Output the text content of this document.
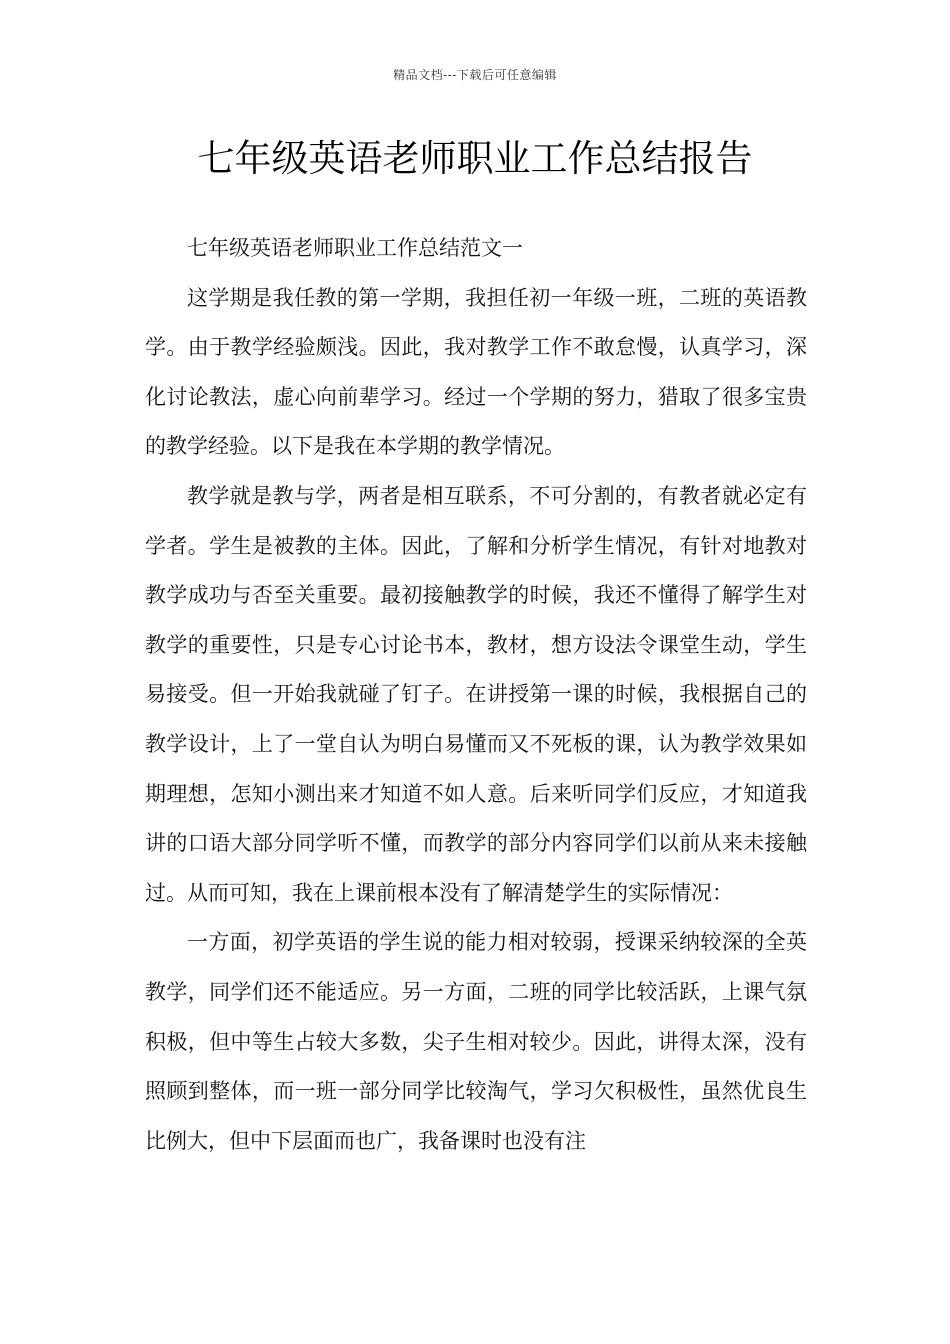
精品文档---下载后可任意编辑
七年级英语老师职业工作总结报告

七年级英语老师职业工作总结范文一

这学期是我任教的第一学期，我担任初一年级一班，二班的英语教学。由于教学经验颇浅。因此，我对教学工作不敢怠慢，认真学习，深化讨论教法，虚心向前辈学习。经过一个学期的努力，猎取了很多宝贵的教学经验。以下是我在本学期的教学情况。

教学就是教与学，两者是相互联系，不可分割的，有教者就必定有学者。学生是被教的主体。因此，了解和分析学生情况，有针对地教对教学成功与否至关重要。最初接触教学的时候，我还不懂得了解学生对教学的重要性，只是专心讨论书本，教材，想方设法令课堂生动，学生易接受。但一开始我就碰了钉子。在讲授第一课的时候，我根据自己的教学设计，上了一堂自认为明白易懂而又不死板的课，认为教学效果如期理想，怎知小测出来才知道不如人意。后来听同学们反应，才知道我讲的口语大部分同学听不懂，而教学的部分内容同学们以前从来未接触过。从而可知，我在上课前根本没有了解清楚学生的实际情况：

一方面，初学英语的学生说的能力相对较弱，授课采纳较深的全英教学，同学们还不能适应。另一方面，二班的同学比较活跃，上课气氛积极，但中等生占较大多数，尖子生相对较少。因此，讲得太深，没有照顾到整体，而一班一部分同学比较淘气，学习欠积极性，虽然优良生比例大，但中下层面而也广，我备课时也没有注
